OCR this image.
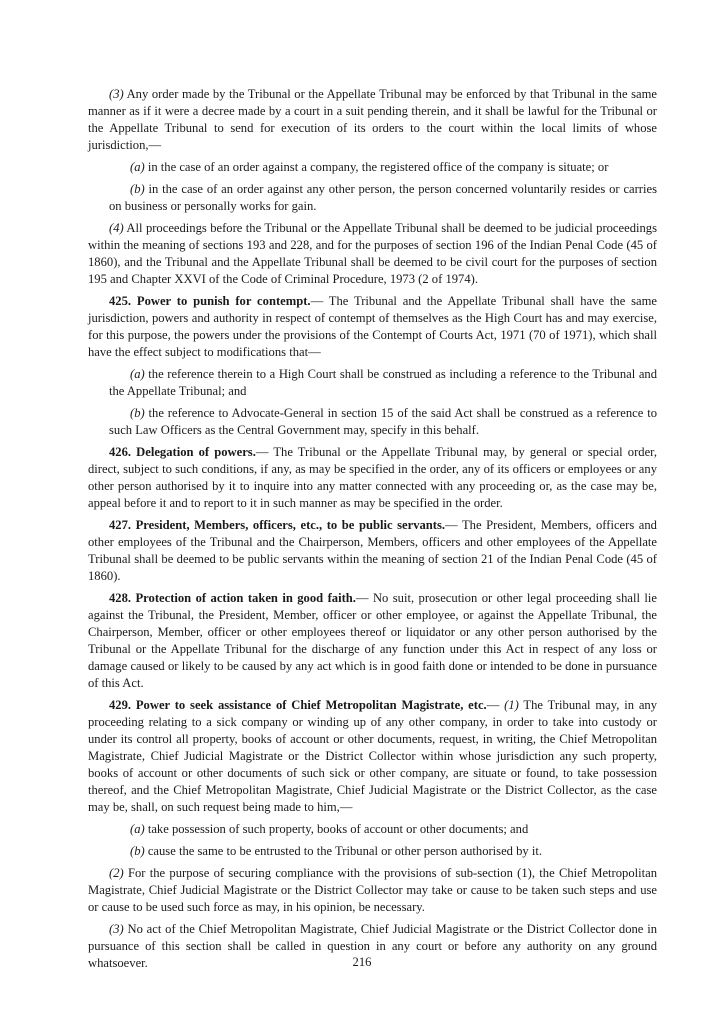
(3) Any order made by the Tribunal or the Appellate Tribunal may be enforced by that Tribunal in the same manner as if it were a decree made by a court in a suit pending therein, and it shall be lawful for the Tribunal or the Appellate Tribunal to send for execution of its orders to the court within the local limits of whose jurisdiction,—

(a) in the case of an order against a company, the registered office of the company is situate; or

(b) in the case of an order against any other person, the person concerned voluntarily resides or carries on business or personally works for gain.

(4) All proceedings before the Tribunal or the Appellate Tribunal shall be deemed to be judicial proceedings within the meaning of sections 193 and 228, and for the purposes of section 196 of the Indian Penal Code (45 of 1860), and the Tribunal and the Appellate Tribunal shall be deemed to be civil court for the purposes of section 195 and Chapter XXVI of the Code of Criminal Procedure, 1973 (2 of 1974).

425. Power to punish for contempt.— The Tribunal and the Appellate Tribunal shall have the same jurisdiction, powers and authority in respect of contempt of themselves as the High Court has and may exercise, for this purpose, the powers under the provisions of the Contempt of Courts Act, 1971 (70 of 1971), which shall have the effect subject to modifications that—

(a) the reference therein to a High Court shall be construed as including a reference to the Tribunal and the Appellate Tribunal; and

(b) the reference to Advocate-General in section 15 of the said Act shall be construed as a reference to such Law Officers as the Central Government may, specify in this behalf.

426. Delegation of powers.— The Tribunal or the Appellate Tribunal may, by general or special order, direct, subject to such conditions, if any, as may be specified in the order, any of its officers or employees or any other person authorised by it to inquire into any matter connected with any proceeding or, as the case may be, appeal before it and to report to it in such manner as may be specified in the order.

427. President, Members, officers, etc., to be public servants.— The President, Members, officers and other employees of the Tribunal and the Chairperson, Members, officers and other employees of the Appellate Tribunal shall be deemed to be public servants within the meaning of section 21 of the Indian Penal Code (45 of 1860).

428. Protection of action taken in good faith.— No suit, prosecution or other legal proceeding shall lie against the Tribunal, the President, Member, officer or other employee, or against the Appellate Tribunal, the Chairperson, Member, officer or other employees thereof or liquidator or any other person authorised by the Tribunal or the Appellate Tribunal for the discharge of any function under this Act in respect of any loss or damage caused or likely to be caused by any act which is in good faith done or intended to be done in pursuance of this Act.

429. Power to seek assistance of Chief Metropolitan Magistrate, etc.— (1) The Tribunal may, in any proceeding relating to a sick company or winding up of any other company, in order to take into custody or under its control all property, books of account or other documents, request, in writing, the Chief Metropolitan Magistrate, Chief Judicial Magistrate or the District Collector within whose jurisdiction any such property, books of account or other documents of such sick or other company, are situate or found, to take possession thereof, and the Chief Metropolitan Magistrate, Chief Judicial Magistrate or the District Collector, as the case may be, shall, on such request being made to him,—

(a) take possession of such property, books of account or other documents; and

(b) cause the same to be entrusted to the Tribunal or other person authorised by it.

(2) For the purpose of securing compliance with the provisions of sub-section (1), the Chief Metropolitan Magistrate, Chief Judicial Magistrate or the District Collector may take or cause to be taken such steps and use or cause to be used such force as may, in his opinion, be necessary.

(3) No act of the Chief Metropolitan Magistrate, Chief Judicial Magistrate or the District Collector done in pursuance of this section shall be called in question in any court or before any authority on any ground whatsoever.	216
